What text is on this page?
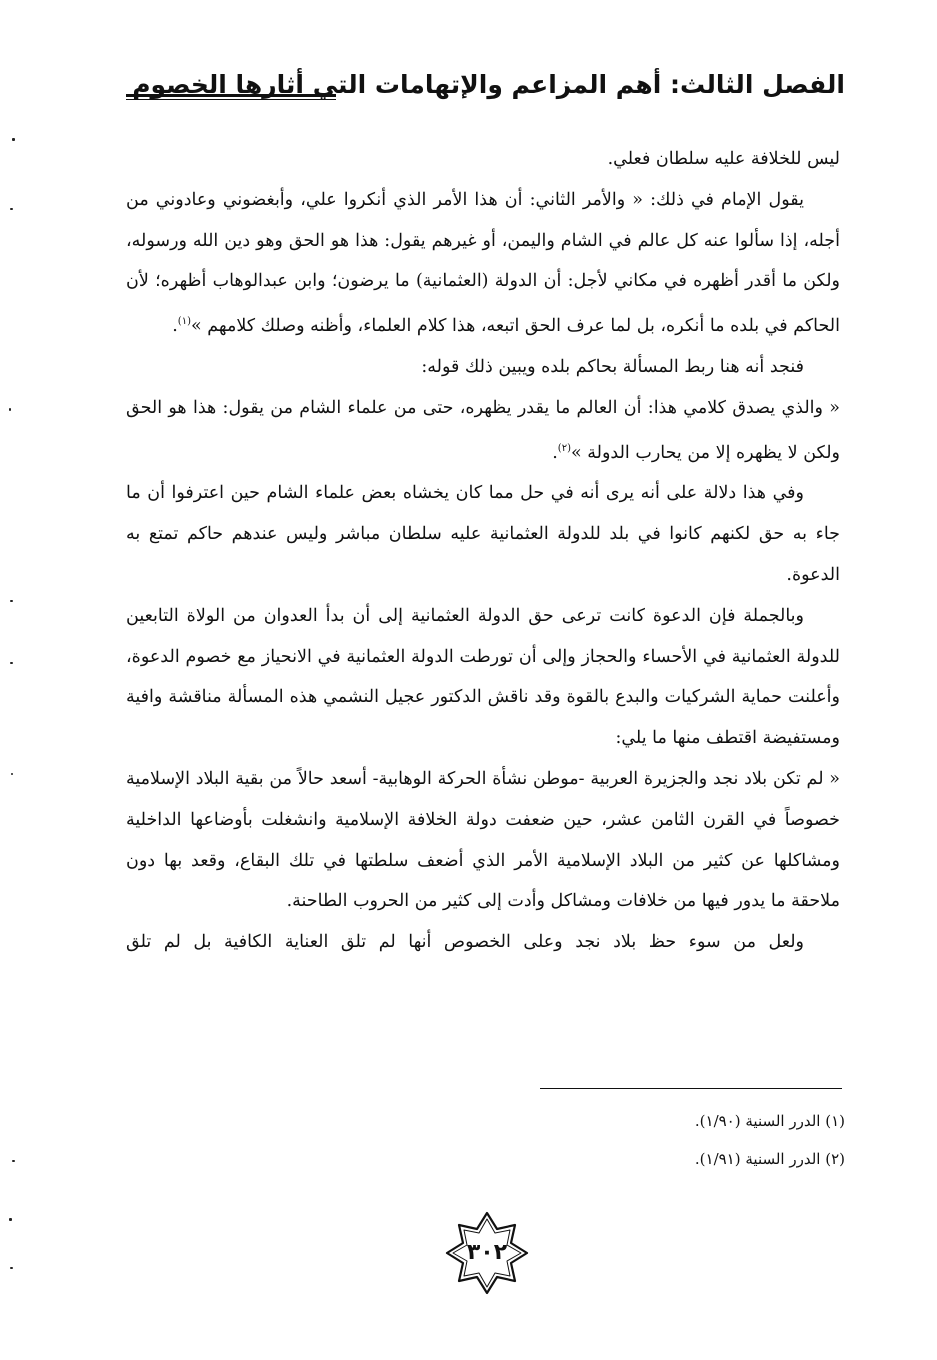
الفصل الثالث: أهم المزاعم والإتهامات التي أثارها الخصوم

ليس للخلافة عليه سلطان فعلي.

يقول الإمام في ذلك: « والأمر الثاني: أن هذا الأمر الذي أنكروا علي، وأبغضوني وعادوني من أجله، إذا سألوا عنه كل عالم في الشام واليمن، أو غيرهم يقول: هذا هو الحق وهو دين الله ورسوله، ولكن ما أقدر أظهره في مكاني لأجل: أن الدولة (العثمانية) ما يرضون؛ وابن عبدالوهاب أظهره؛ لأن الحاكم في بلده ما أنكره، بل لما عرف الحق اتبعه، هذا كلام العلماء، وأظنه وصلك كلامهم »$^{(١)}$.

فنجد أنه هنا ربط المسألة بحاكم بلده ويبين ذلك قوله:

« والذي يصدق كلامي هذا: أن العالم ما يقدر يظهره، حتى من علماء الشام من يقول: هذا هو الحق ولكن لا يظهره إلا من يحارب الدولة »$^{(٢)}$.

وفي هذا دلالة على أنه يرى أنه في حل مما كان يخشاه بعض علماء الشام حين اعترفوا أن ما جاء به حق لكنهم كانوا في بلد للدولة العثمانية عليه سلطان مباشر وليس عندهم حاكم تمتع به الدعوة.

وبالجملة فإن الدعوة كانت ترعى حق الدولة العثمانية إلى أن بدأ العدوان من الولاة التابعين للدولة العثمانية في الأحساء والحجاز وإلى أن تورطت الدولة العثمانية في الانحياز مع خصوم الدعوة، وأعلنت حماية الشركيات والبدع بالقوة وقد ناقش الدكتور عجيل النشمي هذه المسألة مناقشة وافية ومستفيضة اقتطف منها ما يلي:

« لم تكن بلاد نجد والجزيرة العربية -موطن نشأة الحركة الوهابية- أسعد حالاً من بقية البلاد الإسلامية خصوصاً في القرن الثامن عشر، حين ضعفت دولة الخلافة الإسلامية وانشغلت بأوضاعها الداخلية ومشاكلها عن كثير من البلاد الإسلامية الأمر الذي أضعف سلطتها في تلك البقاع، وقعد بها دون ملاحقة ما يدور فيها من خلافات ومشاكل وأدت إلى كثير من الحروب الطاحنة.

ولعل من سوء حظ بلاد نجد وعلى الخصوص أنها لم تلق العناية الكافية بل لم تلق

(١) الدرر السنية (١/٩٠).
(٢) الدرر السنية (١/٩١).
٣٠٢
